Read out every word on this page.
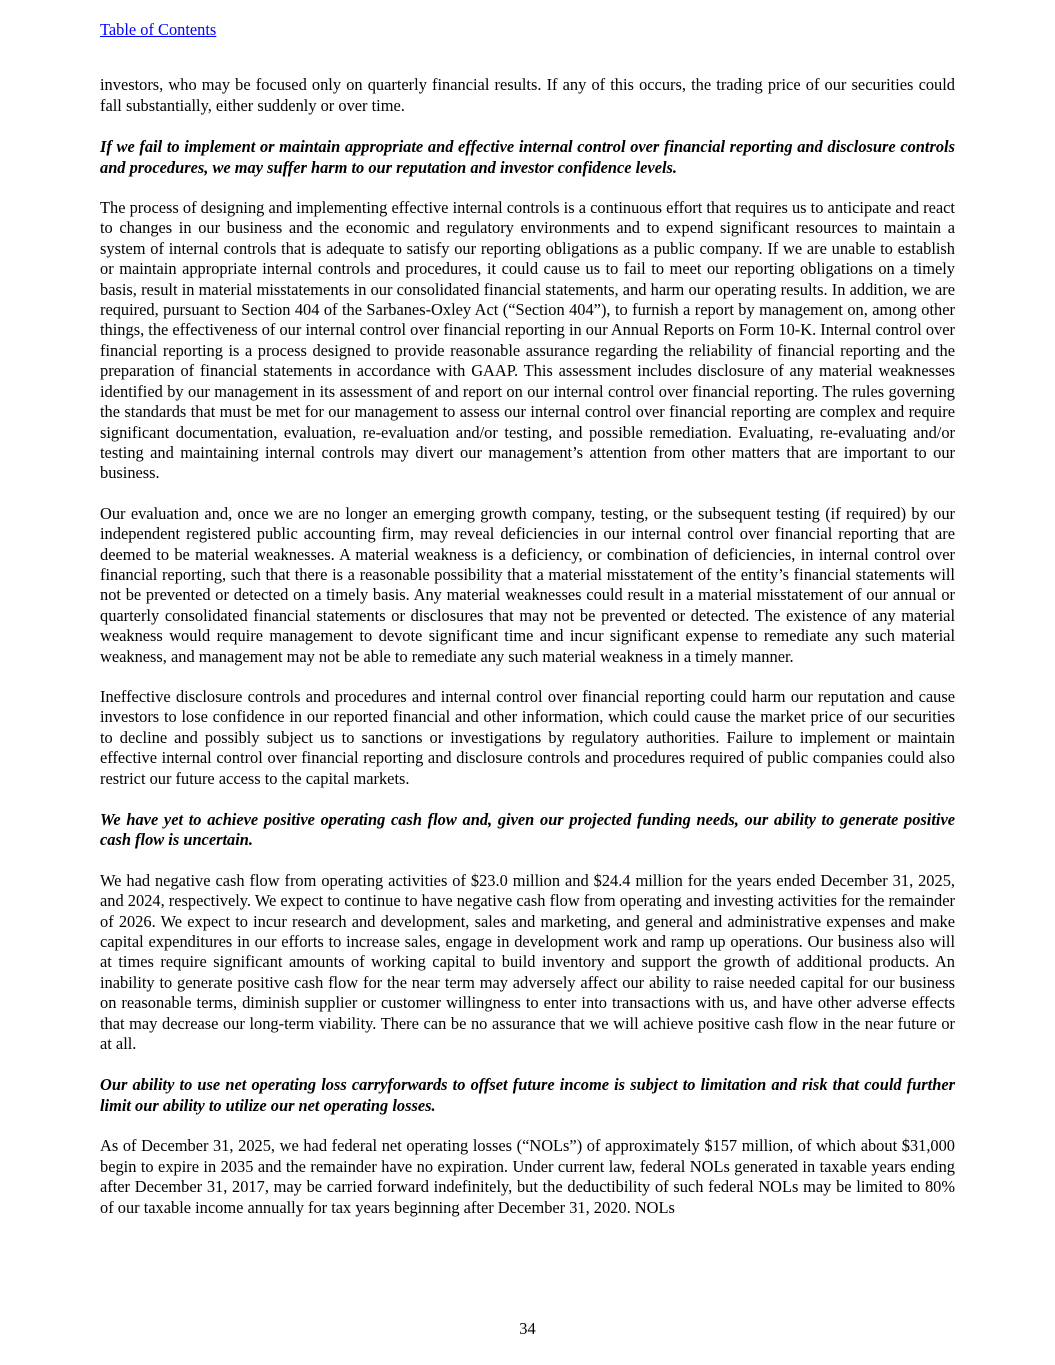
Table of Contents

investors, who may be focused only on quarterly financial results. If any of this occurs, the trading price of our securities could fall substantially, either suddenly or over time.

If we fail to implement or maintain appropriate and effective internal control over financial reporting and disclosure controls and procedures, we may suffer harm to our reputation and investor confidence levels.

The process of designing and implementing effective internal controls is a continuous effort that requires us to anticipate and react to changes in our business and the economic and regulatory environments and to expend significant resources to maintain a system of internal controls that is adequate to satisfy our reporting obligations as a public company. If we are unable to establish or maintain appropriate internal controls and procedures, it could cause us to fail to meet our reporting obligations on a timely basis, result in material misstatements in our consolidated financial statements, and harm our operating results. In addition, we are required, pursuant to Section 404 of the Sarbanes-Oxley Act (“Section 404”), to furnish a report by management on, among other things, the effectiveness of our internal control over financial reporting in our Annual Reports on Form 10-K. Internal control over financial reporting is a process designed to provide reasonable assurance regarding the reliability of financial reporting and the preparation of financial statements in accordance with GAAP. This assessment includes disclosure of any material weaknesses identified by our management in its assessment of and report on our internal control over financial reporting. The rules governing the standards that must be met for our management to assess our internal control over financial reporting are complex and require significant documentation, evaluation, re-evaluation and/or testing, and possible remediation. Evaluating, re-evaluating and/or testing and maintaining internal controls may divert our management’s attention from other matters that are important to our business.

Our evaluation and, once we are no longer an emerging growth company, testing, or the subsequent testing (if required) by our independent registered public accounting firm, may reveal deficiencies in our internal control over financial reporting that are deemed to be material weaknesses. A material weakness is a deficiency, or combination of deficiencies, in internal control over financial reporting, such that there is a reasonable possibility that a material misstatement of the entity’s financial statements will not be prevented or detected on a timely basis. Any material weaknesses could result in a material misstatement of our annual or quarterly consolidated financial statements or disclosures that may not be prevented or detected. The existence of any material weakness would require management to devote significant time and incur significant expense to remediate any such material weakness, and management may not be able to remediate any such material weakness in a timely manner.

Ineffective disclosure controls and procedures and internal control over financial reporting could harm our reputation and cause investors to lose confidence in our reported financial and other information, which could cause the market price of our securities to decline and possibly subject us to sanctions or investigations by regulatory authorities. Failure to implement or maintain effective internal control over financial reporting and disclosure controls and procedures required of public companies could also restrict our future access to the capital markets.

We have yet to achieve positive operating cash flow and, given our projected funding needs, our ability to generate positive cash flow is uncertain.

We had negative cash flow from operating activities of $23.0 million and $24.4 million for the years ended December 31, 2025, and 2024, respectively. We expect to continue to have negative cash flow from operating and investing activities for the remainder of 2026. We expect to incur research and development, sales and marketing, and general and administrative expenses and make capital expenditures in our efforts to increase sales, engage in development work and ramp up operations. Our business also will at times require significant amounts of working capital to build inventory and support the growth of additional products. An inability to generate positive cash flow for the near term may adversely affect our ability to raise needed capital for our business on reasonable terms, diminish supplier or customer willingness to enter into transactions with us, and have other adverse effects that may decrease our long-term viability. There can be no assurance that we will achieve positive cash flow in the near future or at all.

Our ability to use net operating loss carryforwards to offset future income is subject to limitation and risk that could further limit our ability to utilize our net operating losses.

As of December 31, 2025, we had federal net operating losses (“NOLs”) of approximately $157 million, of which about $31,000 begin to expire in 2035 and the remainder have no expiration. Under current law, federal NOLs generated in taxable years ending after December 31, 2017, may be carried forward indefinitely, but the deductibility of such federal NOLs may be limited to 80% of our taxable income annually for tax years beginning after December 31, 2020. NOLs

34
